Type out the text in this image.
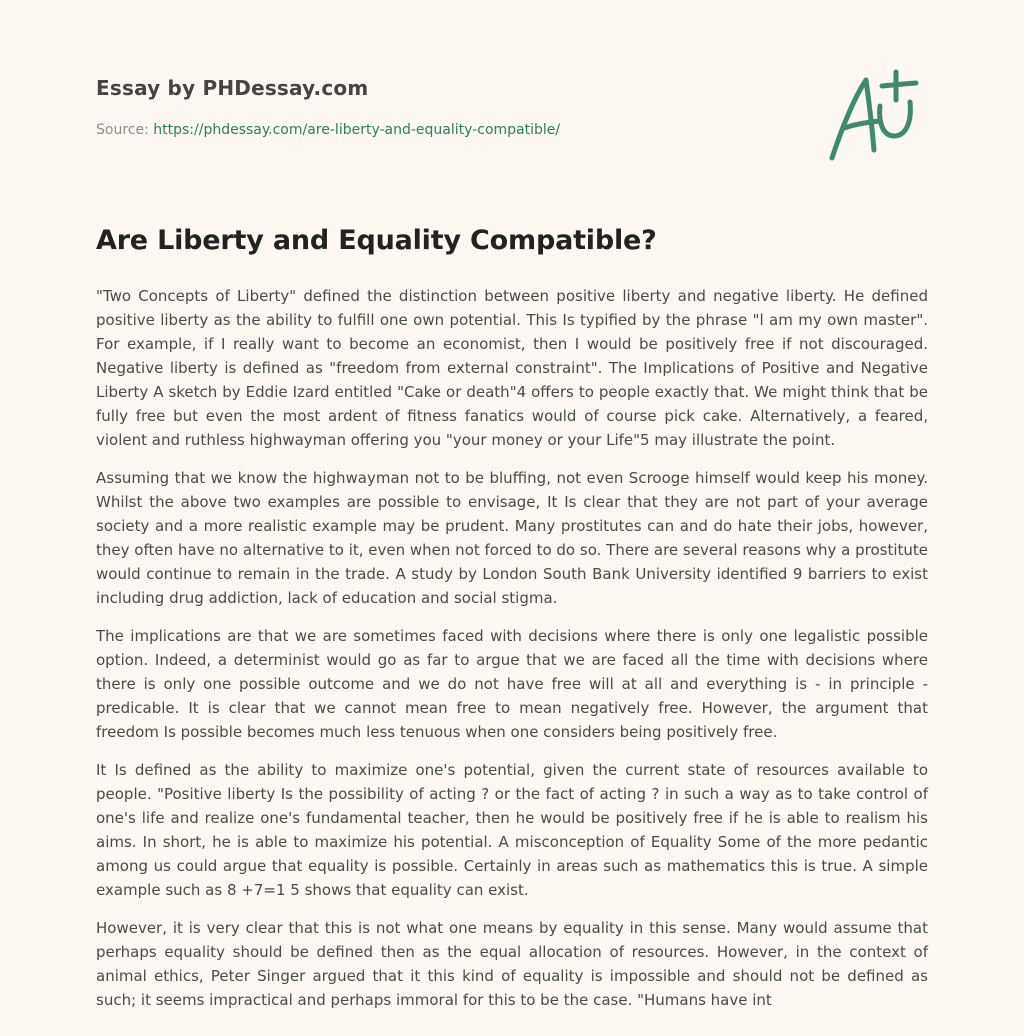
Essay by PHDessay.com
Source: https://phdessay.com/are-liberty-and-equality-compatible/
Are Liberty and Equality Compatible?

"Two Concepts of Liberty" defined the distinction between positive liberty and negative liberty. He defined positive liberty as the ability to fulfill one own potential. This Is typified by the phrase "l am my own master". For example, if I really want to become an economist, then I would be positively free if not discouraged. Negative liberty is defined as "freedom from external constraint". The Implications of Positive and Negative Liberty A sketch by Eddie Izard entitled "Cake or death"4 offers to people exactly that. We might think that be fully free but even the most ardent of fitness fanatics would of course pick cake. Alternatively, a feared, violent and ruthless highwayman offering you "your money or your Life"5 may illustrate the point.

Assuming that we know the highwayman not to be bluffing, not even Scrooge himself would keep his money. Whilst the above two examples are possible to envisage, It Is clear that they are not part of your average society and a more realistic example may be prudent. Many prostitutes can and do hate their jobs, however, they often have no alternative to it, even when not forced to do so. There are several reasons why a prostitute would continue to remain in the trade. A study by London South Bank University identified 9 barriers to exist including drug addiction, lack of education and social stigma.

The implications are that we are sometimes faced with decisions where there is only one legalistic possible option. Indeed, a determinist would go as far to argue that we are faced all the time with decisions where there is only one possible outcome and we do not have free will at all and everything is - in principle - predicable. It is clear that we cannot mean free to mean negatively free. However, the argument that freedom Is possible becomes much less tenuous when one considers being positively free.

It Is defined as the ability to maximize one's potential, given the current state of resources available to people. "Positive liberty Is the possibility of acting ? or the fact of acting ? in such a way as to take control of one's life and realize one's fundamental teacher, then he would be positively free if he is able to realism his aims. In short, he is able to maximize his potential. A misconception of Equality Some of the more pedantic among us could argue that equality is possible. Certainly in areas such as mathematics this is true. A simple example such as 8 +7=1 5 shows that equality can exist.

However, it is very clear that this is not what one means by equality in this sense. Many would assume that perhaps equality should be defined then as the equal allocation of resources. However, in the context of animal ethics, Peter Singer argued that it this kind of equality is impossible and should not be defined as such; it seems impractical and perhaps immoral for this to be the case. "Humans have int
